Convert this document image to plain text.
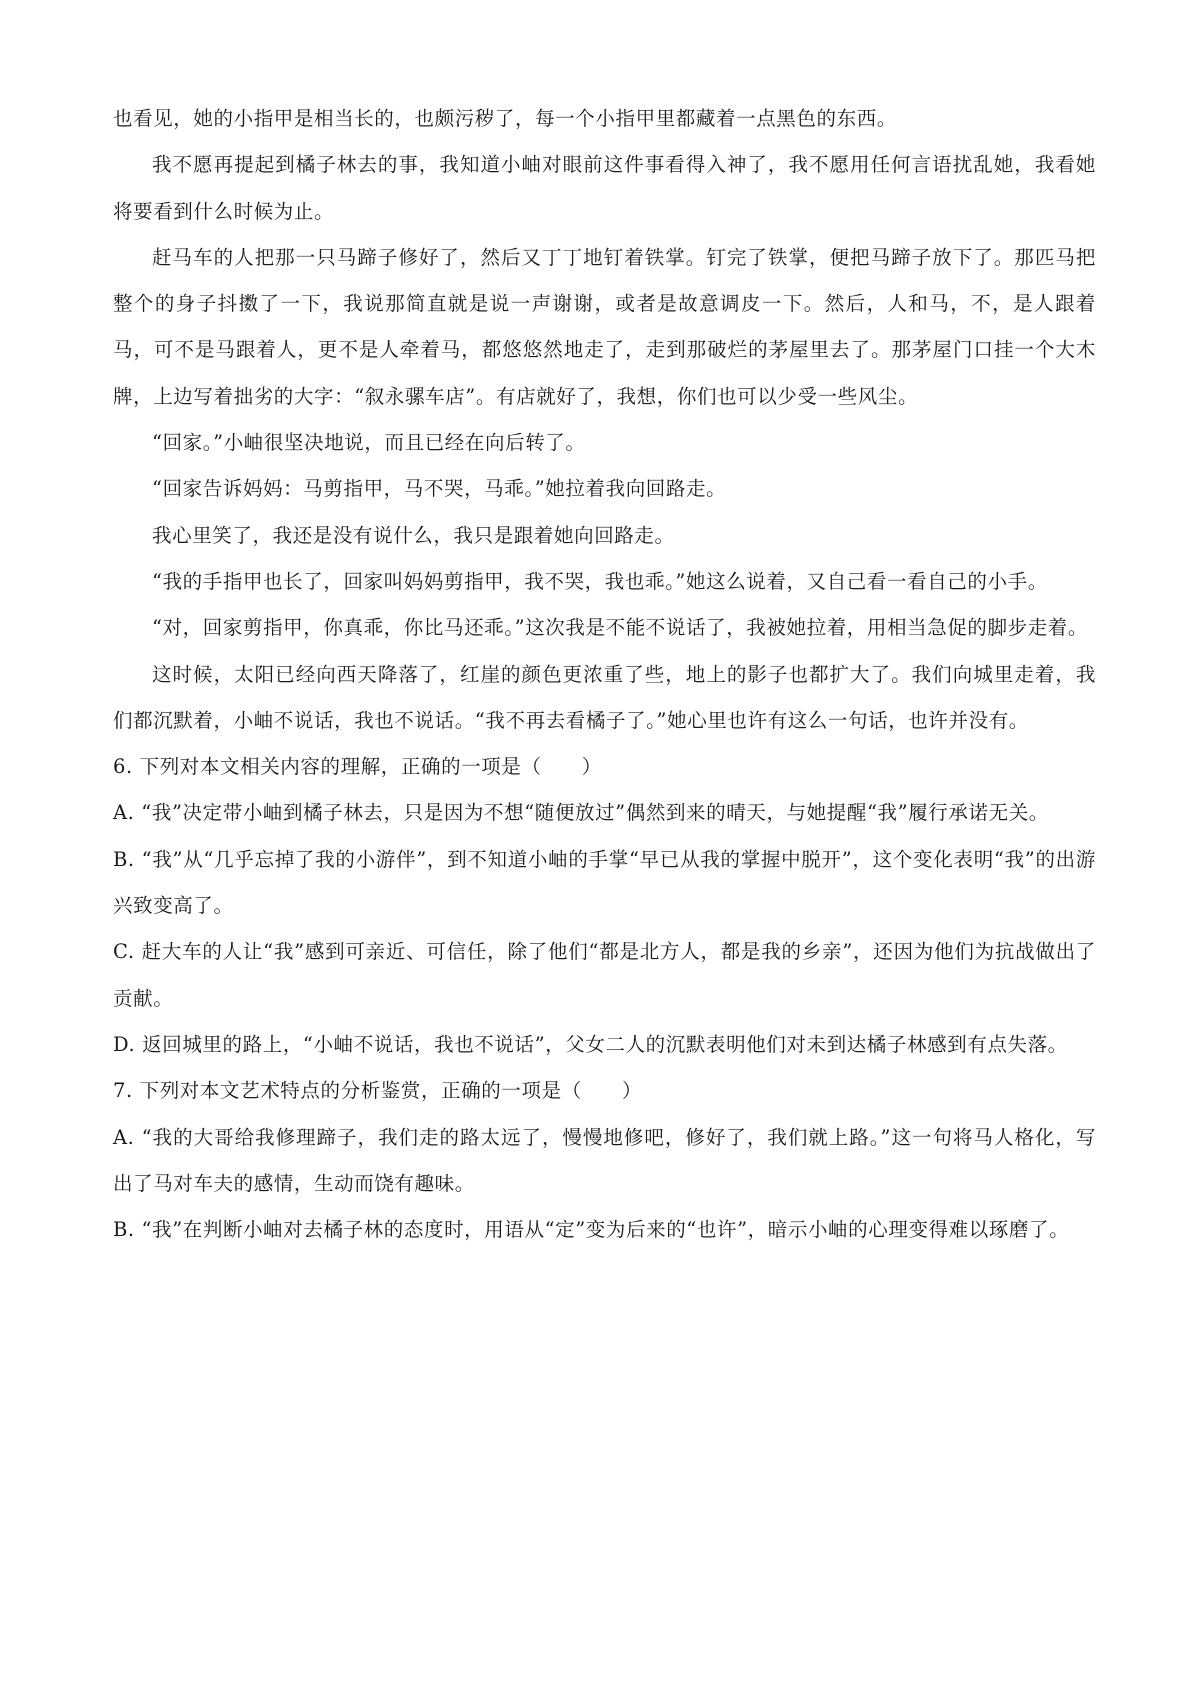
也看见，她的小指甲是相当长的，也颇污秽了，每一个小指甲里都藏着一点黑色的东西。

我不愿再提起到橘子林去的事，我知道小岫对眼前这件事看得入神了，我不愿用任何言语扰乱她，我看她将要看到什么时候为止。

赶马车的人把那一只马蹄子修好了，然后又丁丁地钉着铁掌。钉完了铁掌，便把马蹄子放下了。那匹马把整个的身子抖擞了一下，我说那简直就是说一声谢谢，或者是故意调皮一下。然后，人和马，不，是人跟着马，可不是马跟着人，更不是人牵着马，都悠悠然地走了，走到那破烂的茅屋里去了。那茅屋门口挂一个大木牌，上边写着拙劣的大字：“叙永骡车店”。有店就好了，我想，你们也可以少受一些风尘。

“回家。”小岫很坚决地说，而且已经在向后转了。

“回家告诉妈妈：马剪指甲，马不哭，马乖。”她拉着我向回路走。

我心里笑了，我还是没有说什么，我只是跟着她向回路走。

“我的手指甲也长了，回家叫妈妈剪指甲，我不哭，我也乖。”她这么说着，又自己看一看自己的小手。

“对，回家剪指甲，你真乖，你比马还乖。”这次我是不能不说话了，我被她拉着，用相当急促的脚步走着。

这时候，太阳已经向西天降落了，红崖的颜色更浓重了些，地上的影子也都扩大了。我们向城里走着，我们都沉默着，小岫不说话，我也不说话。“我不再去看橘子了。”她心里也许有这么一句话，也许并没有。

6. 下列对本文相关内容的理解，正确的一项是（　　）

A. “我”决定带小岫到橘子林去，只是因为不想“随便放过”偶然到来的晴天，与她提醒“我”履行承诺无关。

B. “我”从“几乎忘掉了我的小游伴”，到不知道小岫的手掌“早已从我的掌握中脱开”，这个变化表明“我”的出游兴致变高了。

C. 赶大车的人让“我”感到可亲近、可信任，除了他们“都是北方人，都是我的乡亲”，还因为他们为抗战做出了贡献。

D. 返回城里的路上，“小岫不说话，我也不说话”，父女二人的沉默表明他们对未到达橘子林感到有点失落。

7. 下列对本文艺术特点的分析鉴赏，正确的一项是（　　）

A. “我的大哥给我修理蹄子，我们走的路太远了，慢慢地修吧，修好了，我们就上路。”这一句将马人格化，写出了马对车夫的感情，生动而饶有趣味。

B. “我”在判断小岫对去橘子林的态度时，用语从“定”变为后来的“也许”，暗示小岫的心理变得难以琢磨了。
